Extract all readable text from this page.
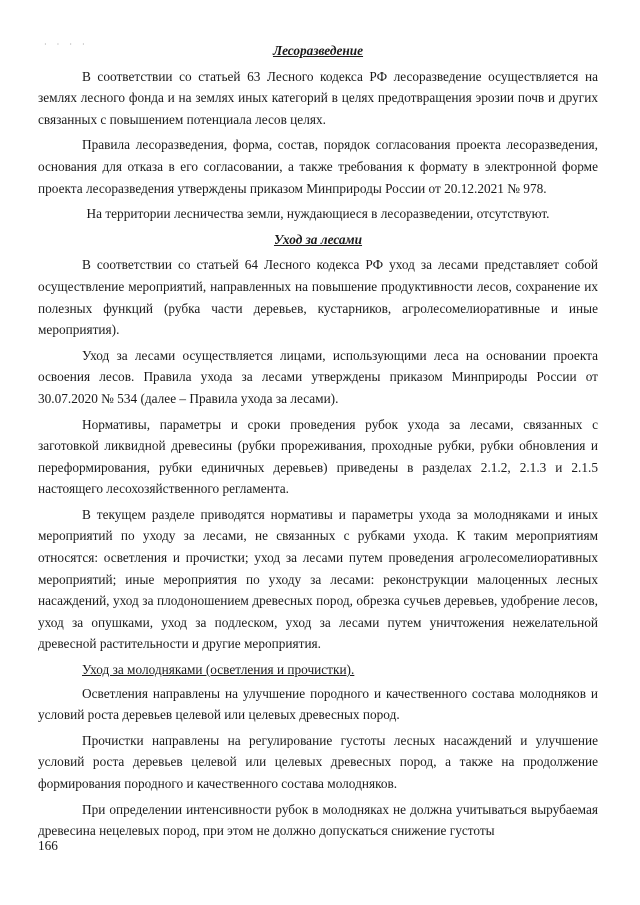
· · · ·	Лесоразведение

В соответствии со статьей 63 Лесного кодекса РФ лесоразведение осуществляется на землях лесного фонда и на землях иных категорий в целях предотвращения эрозии почв и других связанных с повышением потенциала лесов целях.

Правила лесоразведения, форма, состав, порядок согласования проекта лесоразведения, основания для отказа в его согласовании, а также требования к формату в электронной форме проекта лесоразведения утверждены приказом Минприроды России от 20.12.2021 № 978.

На территории лесничества земли, нуждающиеся в лесоразведении, отсутствуют.

Уход за лесами

В соответствии со статьей 64 Лесного кодекса РФ уход за лесами представляет собой осуществление мероприятий, направленных на повышение продуктивности лесов, сохранение их полезных функций (рубка части деревьев, кустарников, агролесомелиоративные и иные мероприятия).

Уход за лесами осуществляется лицами, использующими леса на основании проекта освоения лесов. Правила ухода за лесами утверждены приказом Минприроды России от 30.07.2020 № 534 (далее – Правила ухода за лесами).

Нормативы, параметры и сроки проведения рубок ухода за лесами, связанных с заготовкой ликвидной древесины (рубки прореживания, проходные рубки, рубки обновления и переформирования, рубки единичных деревьев) приведены в разделах 2.1.2, 2.1.3 и 2.1.5 настоящего лесохозяйственного регламента.

В текущем разделе приводятся нормативы и параметры ухода за молодняками и иных мероприятий по уходу за лесами, не связанных с рубками ухода. К таким мероприятиям относятся: осветления и прочистки; уход за лесами путем проведения агролесомелиоративных мероприятий; иные мероприятия по уходу за лесами: реконструкции малоценных лесных насаждений, уход за плодоношением древесных пород, обрезка сучьев деревьев, удобрение лесов, уход за опушками, уход за подлеском, уход за лесами путем уничтожения нежелательной древесной растительности и другие мероприятия.

Уход за молодняками (осветления и прочистки).

Осветления направлены на улучшение породного и качественного состава молодняков и условий роста деревьев целевой или целевых древесных пород.

Прочистки направлены на регулирование густоты лесных насаждений и улучшение условий роста деревьев целевой или целевых древесных пород, а также на продолжение формирования породного и качественного состава молодняков.

При определении интенсивности рубок в молодняках не должна учитываться вырубаемая древесина нецелевых пород, при этом не должно допускаться снижение густоты

166
